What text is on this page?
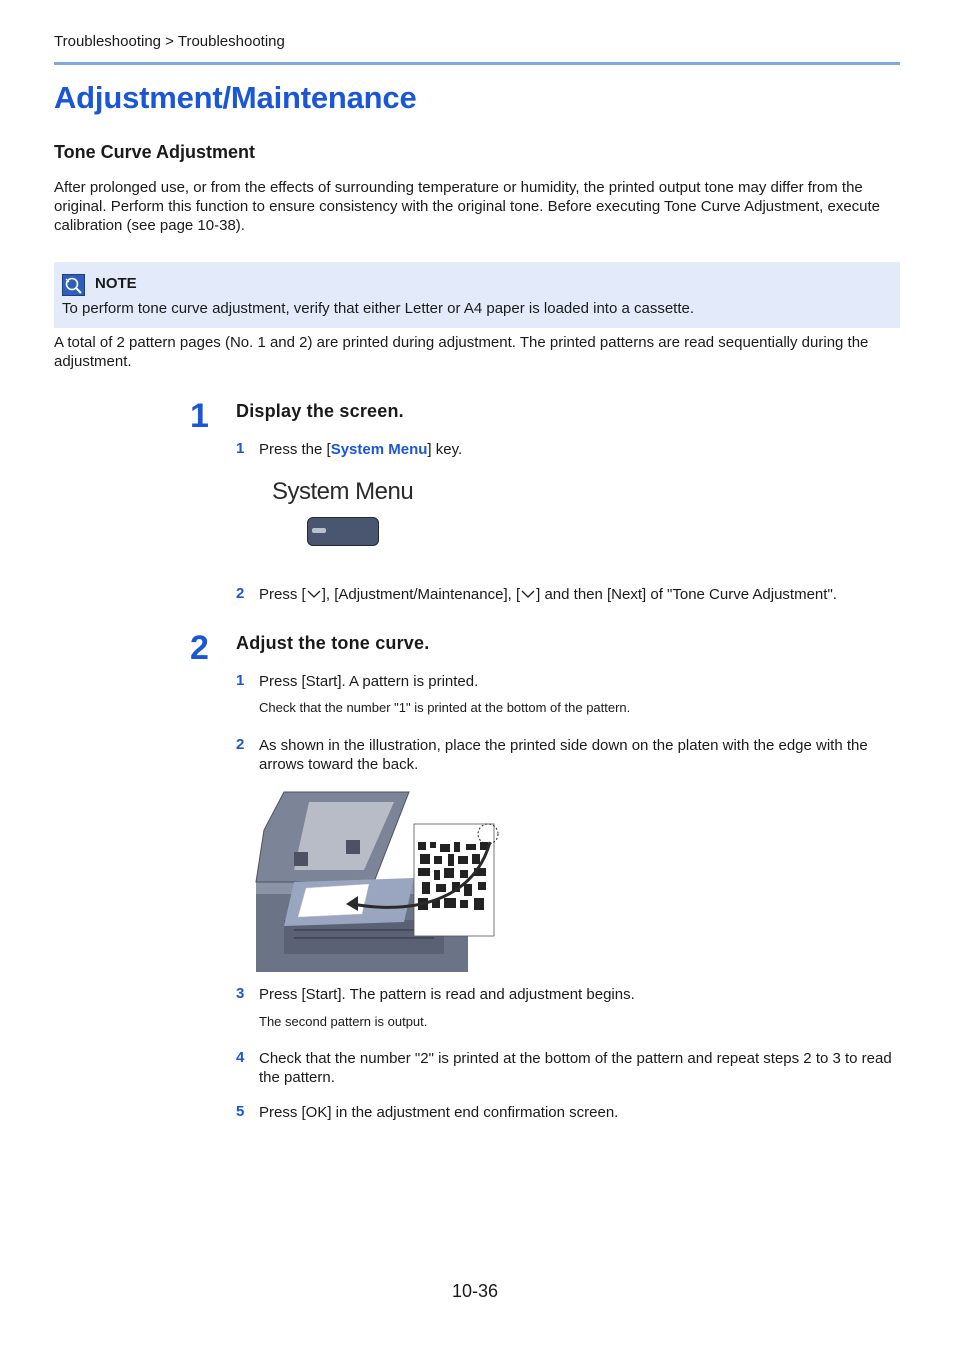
Troubleshooting > Troubleshooting
Adjustment/Maintenance
Tone Curve Adjustment

After prolonged use, or from the effects of surrounding temperature or humidity, the printed output tone may differ from the original. Perform this function to ensure consistency with the original tone. Before executing Tone Curve Adjustment, execute calibration (see page 10-38).

NOTE
To perform tone curve adjustment, verify that either Letter or A4 paper is loaded into a cassette.

A total of 2 pattern pages (No. 1 and 2) are printed during adjustment. The printed patterns are read sequentially during the adjustment.

1 Display the screen.
1 Press the [System Menu] key.
System Menu
2 Press [ ], [Adjustment/Maintenance], [ ] and then [Next] of "Tone Curve Adjustment".
2 Adjust the tone curve.
1 Press [Start]. A pattern is printed.
Check that the number "1" is printed at the bottom of the pattern.
2 As shown in the illustration, place the printed side down on the platen with the edge with the arrows toward the back.
3 Press [Start]. The pattern is read and adjustment begins.
The second pattern is output.
4 Check that the number "2" is printed at the bottom of the pattern and repeat steps 2 to 3 to read the pattern.
5 Press [OK] in the adjustment end confirmation screen.
10-36
